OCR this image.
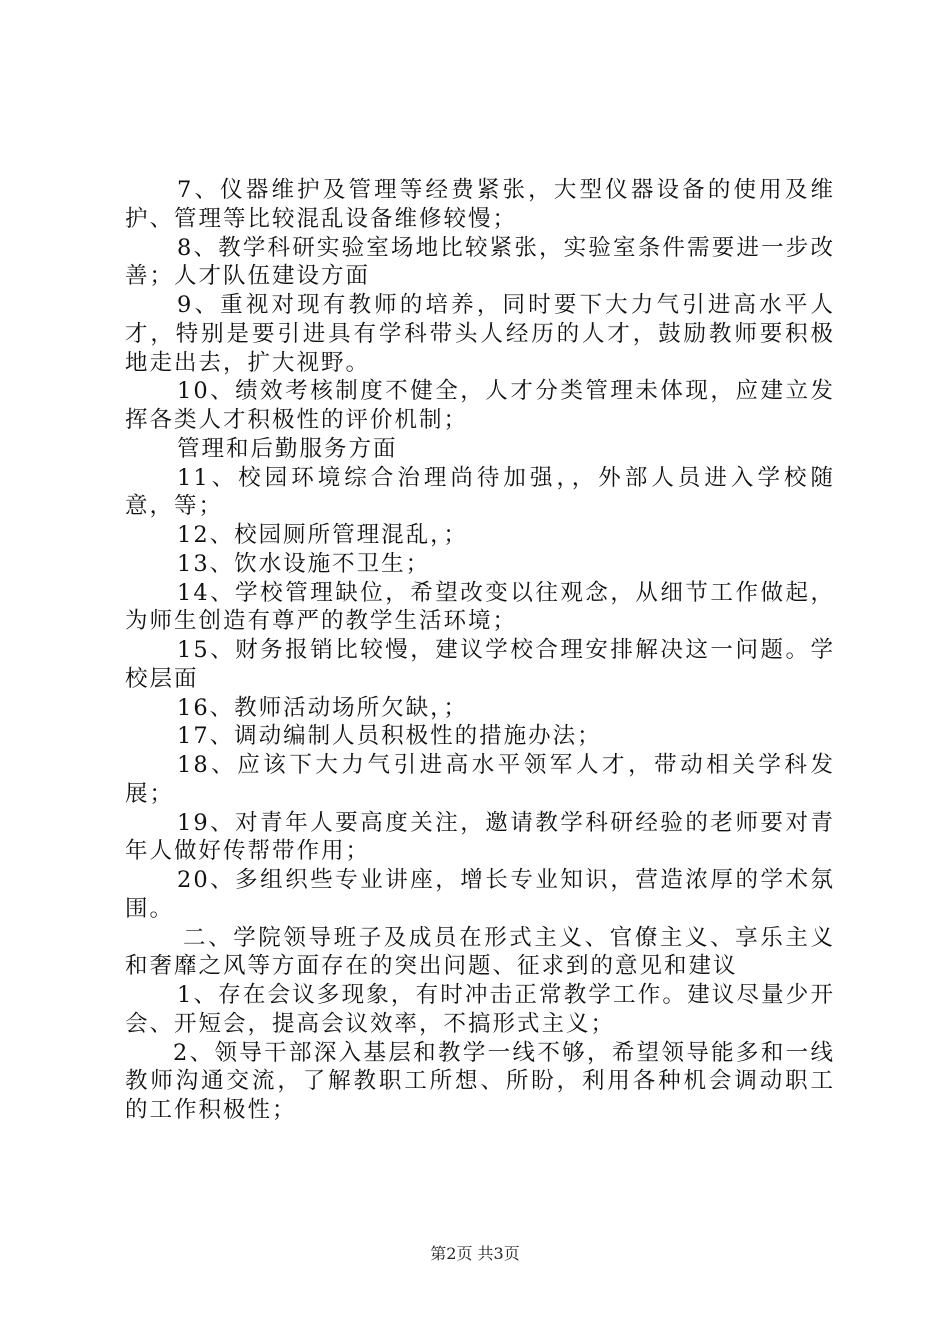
7、仪器维护及管理等经费紧张，大型仪器设备的使用及维护、管理等比较混乱设备维修较慢；

8、教学科研实验室场地比较紧张，实验室条件需要进一步改善；人才队伍建设方面

9、重视对现有教师的培养，同时要下大力气引进高水平人才，特别是要引进具有学科带头人经历的人才，鼓励教师要积极地走出去，扩大视野。

10、绩效考核制度不健全，人才分类管理未体现，应建立发挥各类人才积极性的评价机制；

管理和后勤服务方面

11、校园环境综合治理尚待加强，，外部人员进入学校随意，等；

12、校园厕所管理混乱，；

13、饮水设施不卫生；

14、学校管理缺位，希望改变以往观念，从细节工作做起，为师生创造有尊严的教学生活环境；

15、财务报销比较慢，建议学校合理安排解决这一问题。学校层面

16、教师活动场所欠缺，；

17、调动编制人员积极性的措施办法；

18、应该下大力气引进高水平领军人才，带动相关学科发展；

19、对青年人要高度关注，邀请教学科研经验的老师要对青年人做好传帮带作用；

20、多组织些专业讲座，增长专业知识，营造浓厚的学术氛围。

二、学院领导班子及成员在形式主义、官僚主义、享乐主义和奢靡之风等方面存在的突出问题、征求到的意见和建议

1、存在会议多现象，有时冲击正常教学工作。建议尽量少开会、开短会，提高会议效率，不搞形式主义；

2、领导干部深入基层和教学一线不够，希望领导能多和一线教师沟通交流，了解教职工所想、所盼，利用各种机会调动职工的工作积极性；

第2页 共3页
